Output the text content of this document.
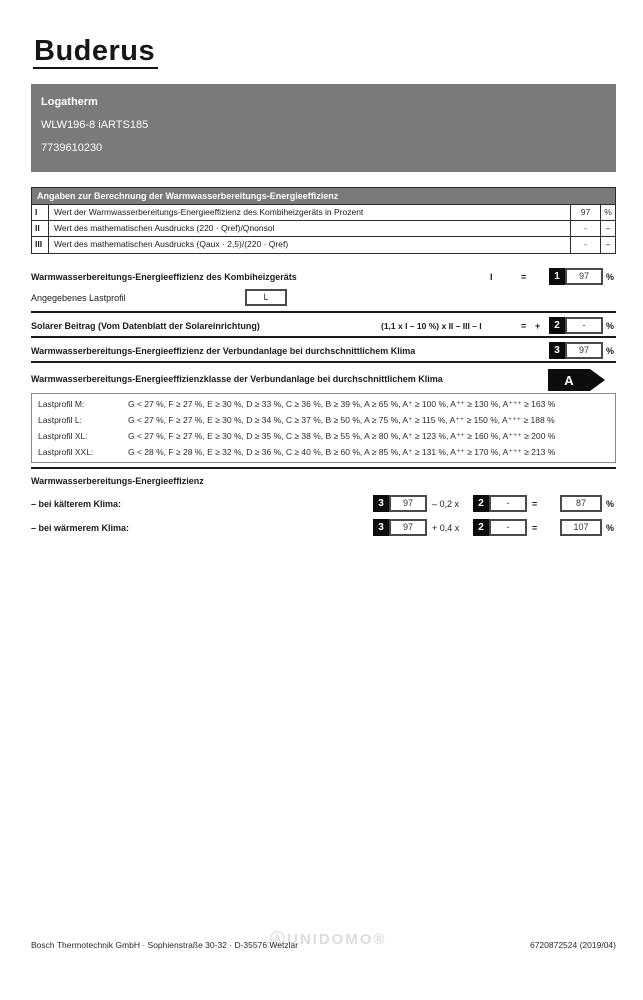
Buderus
Logatherm
WLW196-8 iARTS185
7739610230
Angaben zur Berechnung der Warmwasserbereitungs-Energieeffizienz
I	Wert der Warmwasserbereitungs-Energieeffizienz des Kombiheizgeräts in Prozent	97	%
II	Wert des mathematischen Ausdrucks (220 · Qref)/Qnonsol	-	–
III	Wert des mathematischen Ausdrucks (Qaux · 2,5)/(220 · Qref)	-	–
Warmwasserbereitungs-Energieeffizienz des Kombiheizgeräts	I	=	1	97	%
Angegebenes Lastprofil	L
Solarer Beitrag (Vom Datenblatt der Solareinrichtung)	(1,1 x I – 10 %) x II – III – I	= +	2	-	%
Warmwasserbereitungs-Energieeffizienz der Verbundanlage bei durchschnittlichem Klima	3	97	%
Warmwasserbereitungs-Energieeffizienzklasse der Verbundanlage bei durchschnittlichem Klima	A
Lastprofil M:	G < 27 %, F ≥ 27 %, E ≥ 30 %, D ≥ 33 %, C ≥ 36 %, B ≥ 39 %, A ≥ 65 %, A⁺ ≥ 100 %, A⁺⁺ ≥ 130 %, A⁺⁺⁺ ≥ 163 %
Lastprofil L:	G < 27 %, F ≥ 27 %, E ≥ 30 %, D ≥ 34 %, C ≥ 37 %, B ≥ 50 %, A ≥ 75 %, A⁺ ≥ 115 %, A⁺⁺ ≥ 150 %, A⁺⁺⁺ ≥ 188 %
Lastprofil XL:	G < 27 %, F ≥ 27 %, E ≥ 30 %, D ≥ 35 %, C ≥ 38 %, B ≥ 55 %, A ≥ 80 %, A⁺ ≥ 123 %, A⁺⁺ ≥ 160 %, A⁺⁺⁺ ≥ 200 %
Lastprofil XXL:	G < 28 %, F ≥ 28 %, E ≥ 32 %, D ≥ 36 %, C ≥ 40 %, B ≥ 60 %, A ≥ 85 %, A⁺ ≥ 131 %, A⁺⁺ ≥ 170 %, A⁺⁺⁺ ≥ 213 %
Warmwasserbereitungs-Energieeffizienz
– bei kälterem Klima:	3	97	– 0,2 x	2	-	=	87	%
– bei wärmerem Klima:	3	97	+ 0,4 x	2	-	=	107	%
ⒶUNIDOMO®
Bosch Thermotechnik GmbH · Sophienstraße 30-32 · D-35576 Wetzlar	6720872524 (2019/04)
